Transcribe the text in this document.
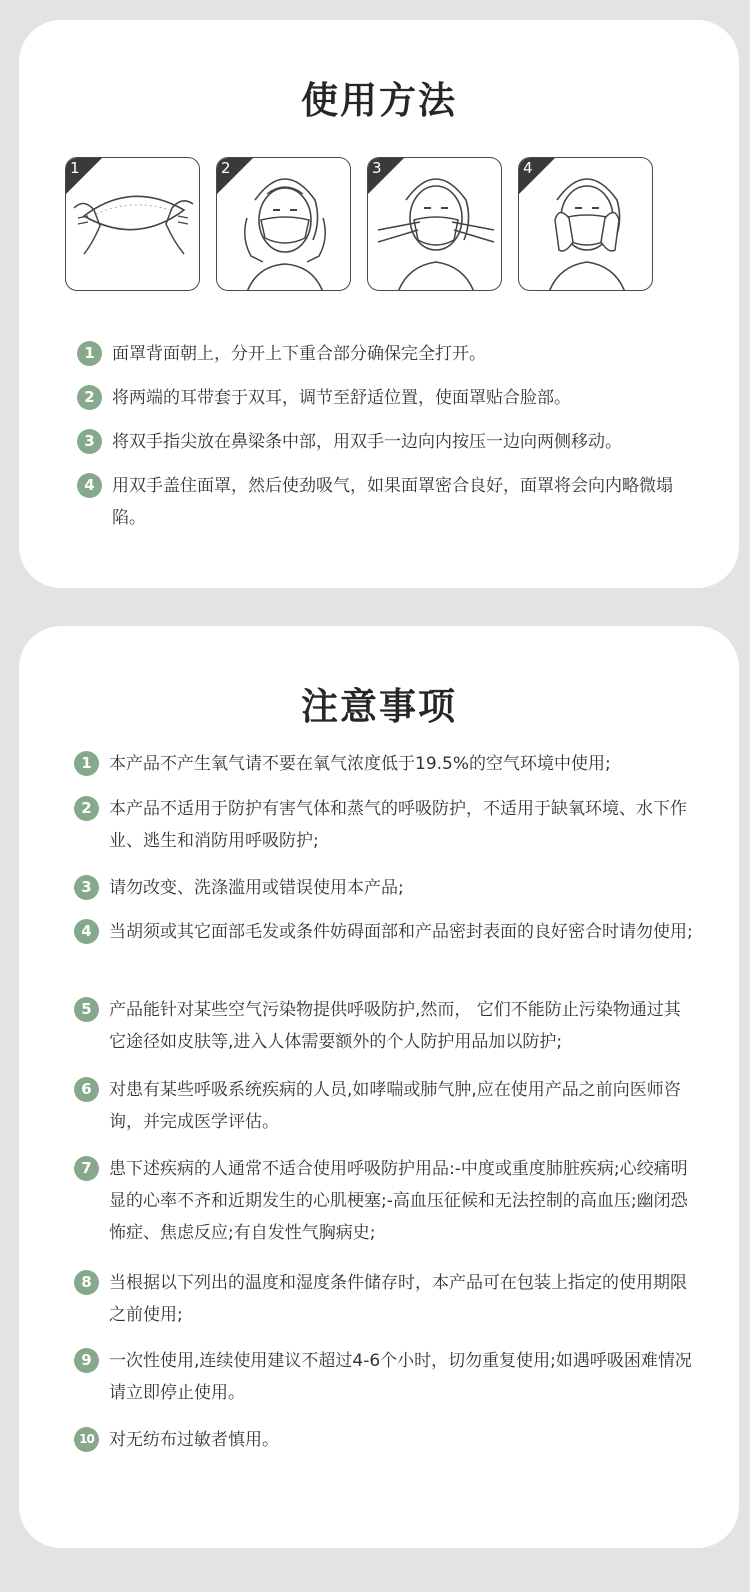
使用方法
1	2	3	4
1	面罩背面朝上，分开上下重合部分确保完全打开。
2	将两端的耳带套于双耳，调节至舒适位置，使面罩贴合脸部。
3	将双手指尖放在鼻梁条中部，用双手一边向内按压一边向两侧移动。
4	用双手盖住面罩，然后使劲吸气，如果面罩密合良好，面罩将会向内略微塌陷。
注意事项
1	本产品不产生氧气请不要在氧气浓度低于19.5%的空气环境中使用;
2	本产品不适用于防护有害气体和蒸气的呼吸防护，不适用于缺氧环境、水下作业、逃生和消防用呼吸防护;
3	请勿改变、洗涤滥用或错误使用本产品;
4	当胡须或其它面部毛发或条件妨碍面部和产品密封表面的良好密合时请勿使用;
5	产品能针对某些空气污染物提供呼吸防护,然而， 它们不能防止污染物通过其它途径如皮肤等,进入人体需要额外的个人防护用品加以防护;
6	对患有某些呼吸系统疾病的人员,如哮喘或肺气肿,应在使用产品之前向医师咨询，并完成医学评估。
7	患下述疾病的人通常不适合使用呼吸防护用品:-中度或重度肺脏疾病;心绞痛明显的心率不齐和近期发生的心肌梗塞;-高血压征候和无法控制的高血压;幽闭恐怖症、焦虑反应;有自发性气胸病史;
8	当根据以下列出的温度和湿度条件储存时，本产品可在包装上指定的使用期限之前使用;
9	一次性使用,连续使用建议不超过4-6个小时，切勿重复使用;如遇呼吸困难情况请立即停止使用。
10 对无纺布过敏者慎用。
